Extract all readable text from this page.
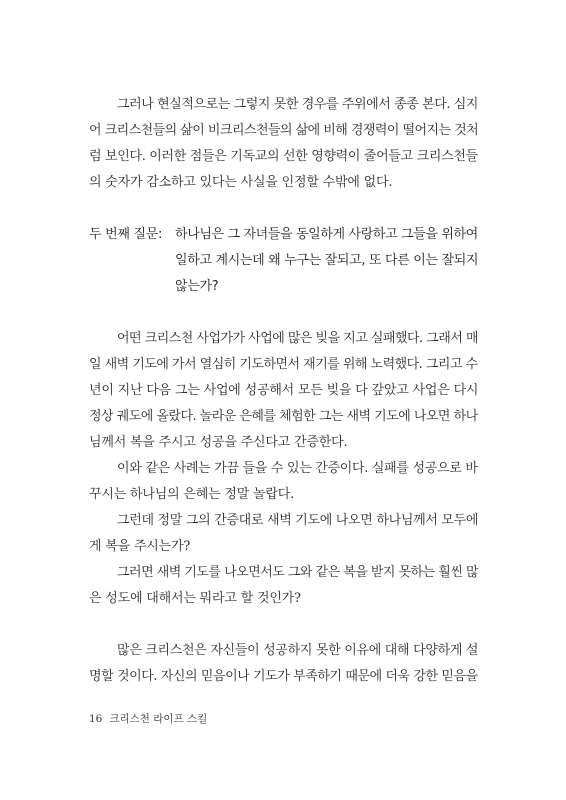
그러나 현실적으로는 그렇지 못한 경우를 주위에서 종종 본다. 심지
어 크리스천들의 삶이 비크리스천들의 삶에 비해 경쟁력이 떨어지는 것처
럼 보인다. 이러한 점들은 기독교의 선한 영향력이 줄어들고 크리스천들
의 숫자가 감소하고 있다는 사실을 인정할 수밖에 없다.
두 번째 질문: 하나님은 그 자녀들을 동일하게 사랑하고 그들을 위하여
일하고 계시는데 왜 누구는 잘되고, 또 다른 이는 잘되지
않는가?
어떤 크리스천 사업가가 사업에 많은 빚을 지고 실패했다. 그래서 매
일 새벽 기도에 가서 열심히 기도하면서 재기를 위해 노력했다. 그리고 수
년이 지난 다음 그는 사업에 성공해서 모든 빚을 다 갚았고 사업은 다시
정상 궤도에 올랐다. 놀라운 은혜를 체험한 그는 새벽 기도에 나오면 하나
님께서 복을 주시고 성공을 주신다고 간증한다.
이와 같은 사례는 가끔 들을 수 있는 간증이다. 실패를 성공으로 바
꾸시는 하나님의 은혜는 정말 놀랍다.
그런데 정말 그의 간증대로 새벽 기도에 나오면 하나님께서 모두에
게 복을 주시는가?
그러면 새벽 기도를 나오면서도 그와 같은 복을 받지 못하는 훨씬 많
은 성도에 대해서는 뭐라고 할 것인가?
많은 크리스천은 자신들이 성공하지 못한 이유에 대해 다양하게 설
명할 것이다. 자신의 믿음이나 기도가 부족하기 때문에 더욱 강한 믿음을
16 크리스천 라이프 스킬
